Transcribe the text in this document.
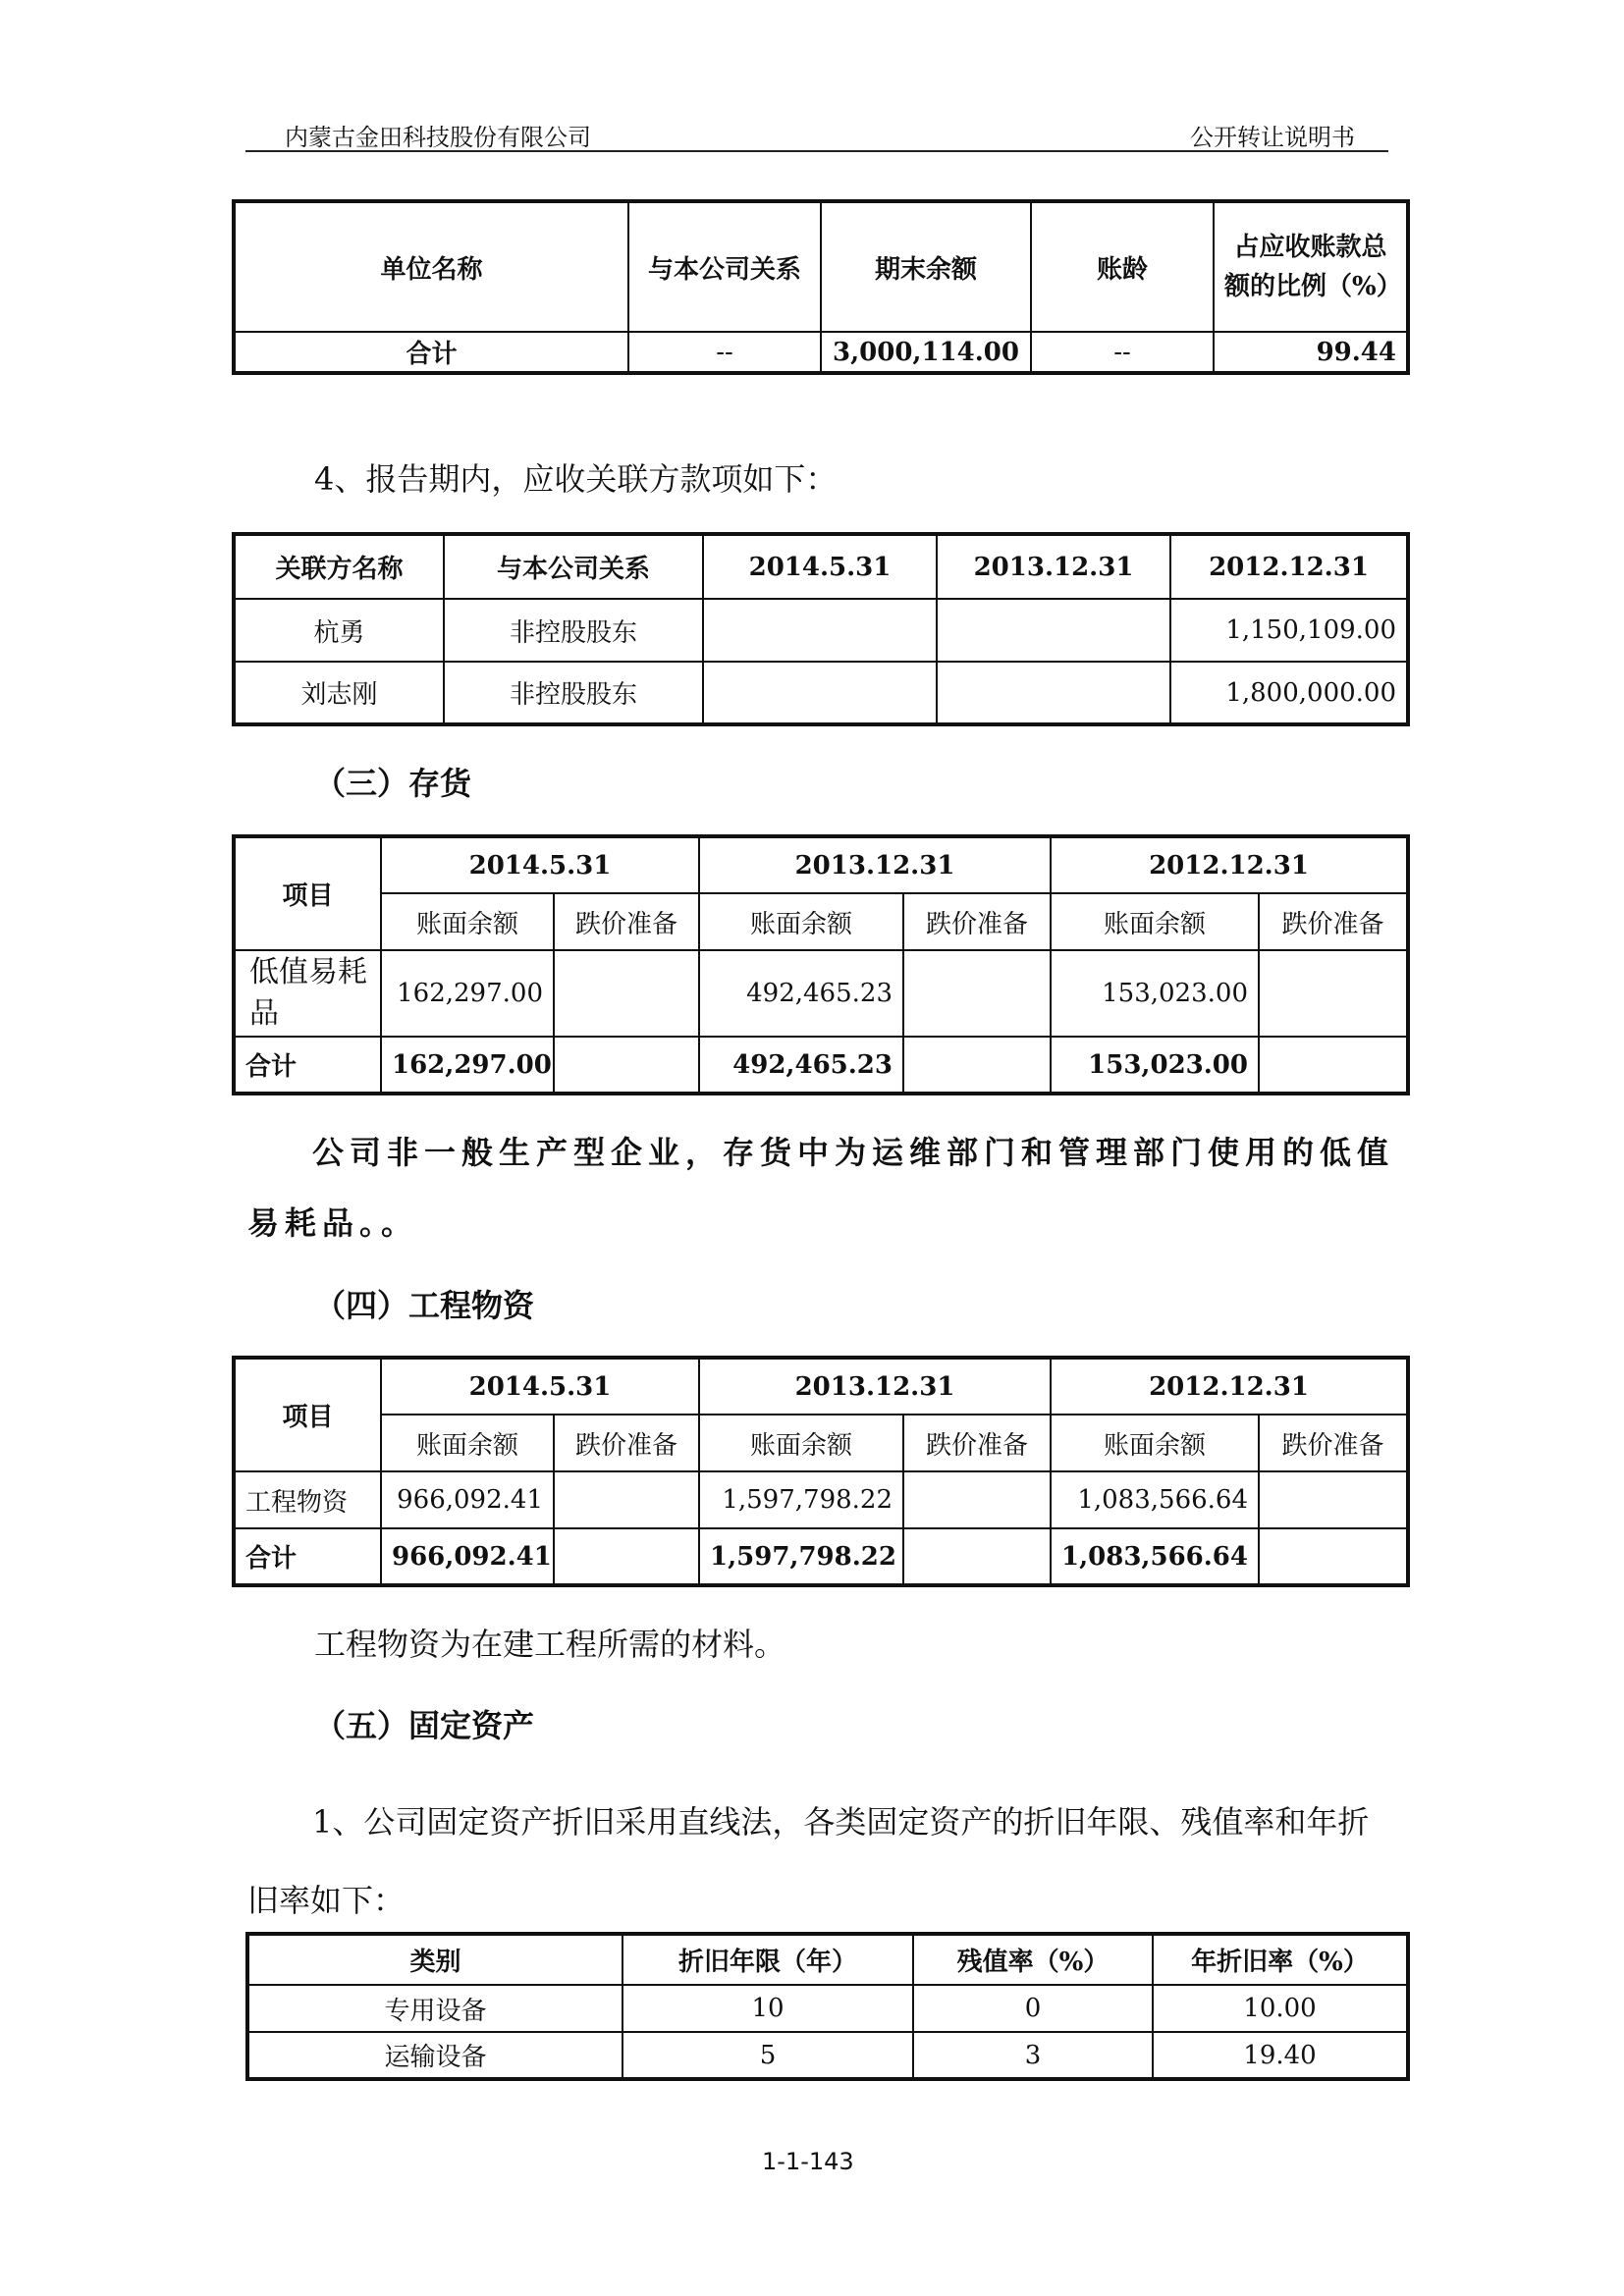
内蒙古金田科技股份有限公司	公开转让说明书
单位名称	与本公司关系	期末余额	账龄	占应收账款总额的比例（%）
合计	--	3,000,114.00	--	99.44
4、报告期内，应收关联方款项如下：
关联方名称	与本公司关系	2014.5.31	2013.12.31	2012.12.31
杭勇	非控股股东			1,150,109.00
刘志刚	非控股股东			1,800,000.00
（三）存货
项目	2014.5.31		2013.12.31		2012.12.31	
	账面余额	跌价准备	账面余额	跌价准备	账面余额	跌价准备
低值易耗品	162,297.00		492,465.23		153,023.00	
合计	162,297.00		492,465.23		153,023.00	
公司非一般生产型企业，存货中为运维部门和管理部门使用的低值易耗品。。
（四）工程物资
项目	2014.5.31		2013.12.31		2012.12.31	
	账面余额	跌价准备	账面余额	跌价准备	账面余额	跌价准备
工程物资	966,092.41		1,597,798.22		1,083,566.64	
合计	966,092.41		1,597,798.22		1,083,566.64	
工程物资为在建工程所需的材料。
（五）固定资产
1、公司固定资产折旧采用直线法，各类固定资产的折旧年限、残值率和年折旧率如下：
类别	折旧年限（年）	残值率（%）	年折旧率（%）
专用设备	10	0	10.00
运输设备	5	3	19.40
1-1-143
